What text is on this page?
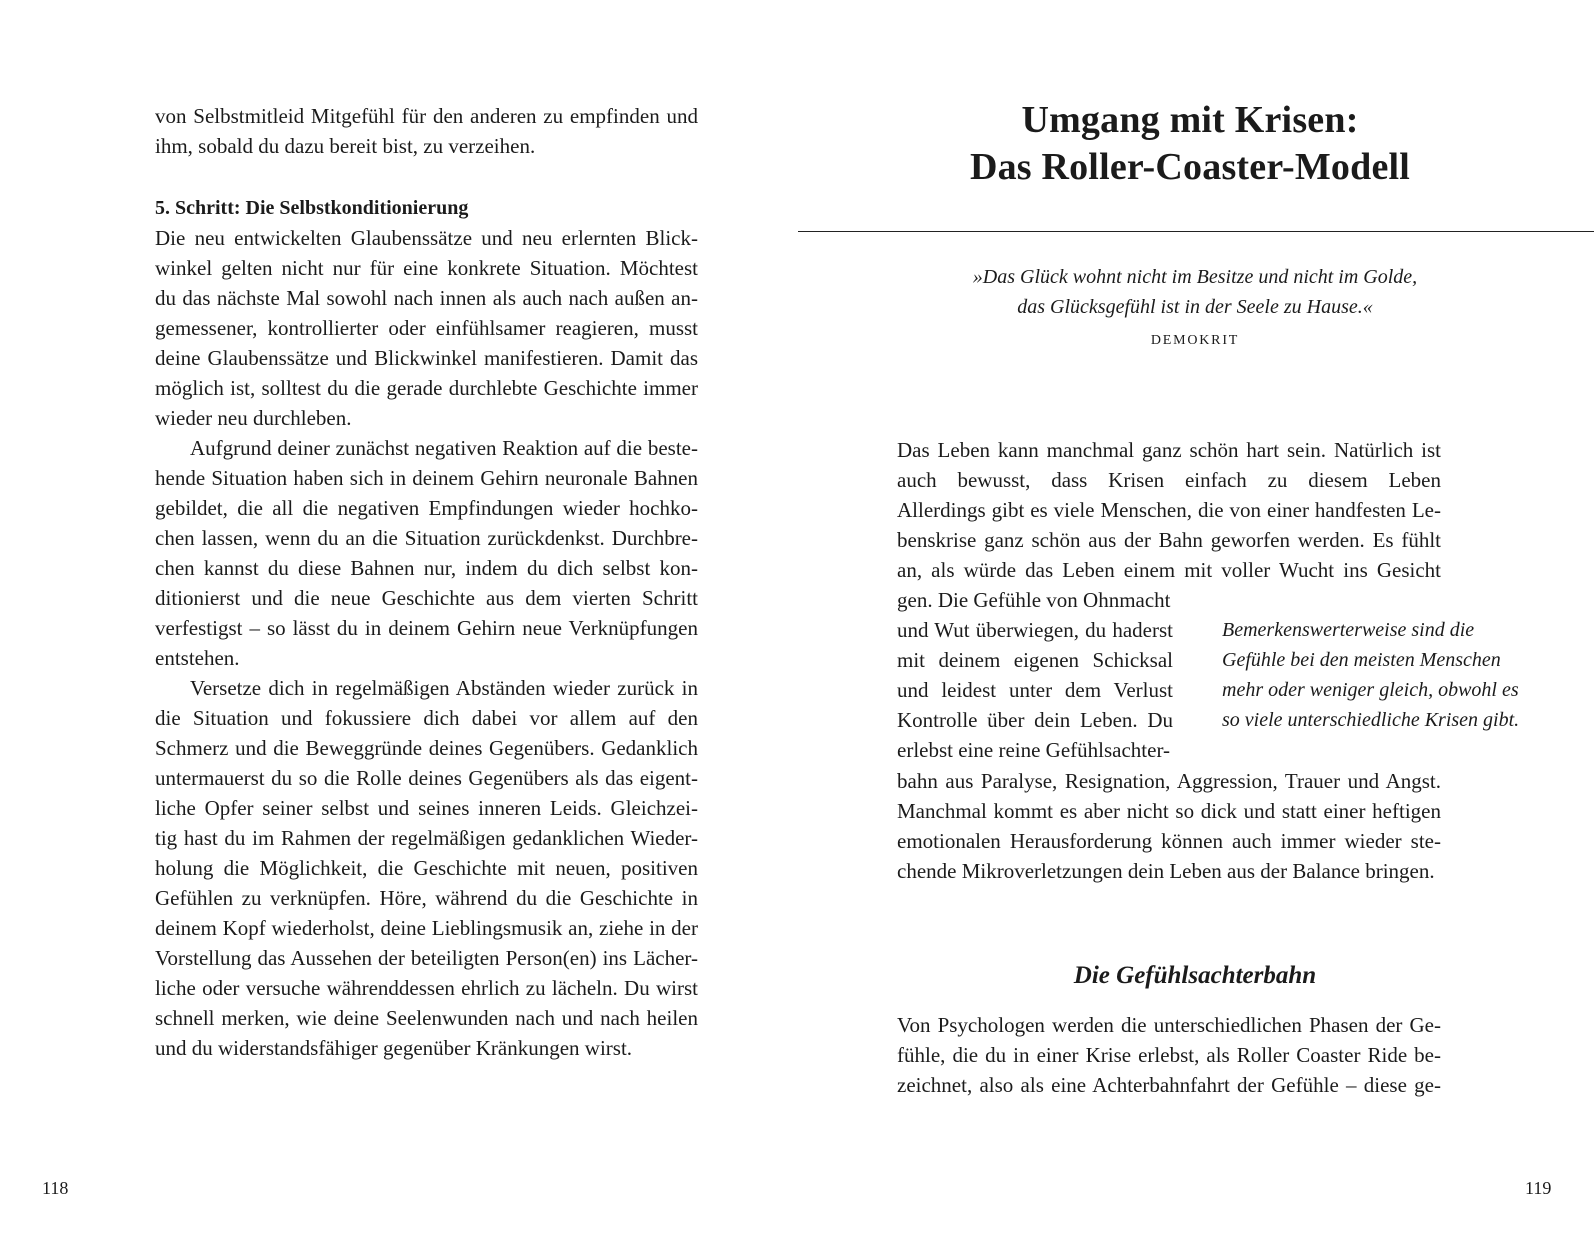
von Selbstmitleid Mitgefühl für den anderen zu empfinden und
ihm, sobald du dazu bereit bist, zu verzeihen.
5. Schritt: Die Selbstkonditionierung
Die neu entwickelten Glaubenssätze und neu erlernten Blick-
winkel gelten nicht nur für eine konkrete Situation. Möchtest
du das nächste Mal sowohl nach innen als auch nach außen an-
gemessener, kontrollierter oder einfühlsamer reagieren, musst
deine Glaubenssätze und Blickwinkel manifestieren. Damit das
möglich ist, solltest du die gerade durchlebte Geschichte immer
wieder neu durchleben.
Aufgrund deiner zunächst negativen Reaktion auf die beste-
hende Situation haben sich in deinem Gehirn neuronale Bahnen
gebildet, die all die negativen Empfindungen wieder hochko-
chen lassen, wenn du an die Situation zurückdenkst. Durchbre-
chen kannst du diese Bahnen nur, indem du dich selbst kon-
ditionierst und die neue Geschichte aus dem vierten Schritt
verfestigst – so lässt du in deinem Gehirn neue Verknüpfungen
entstehen.
Versetze dich in regelmäßigen Abständen wieder zurück in
die Situation und fokussiere dich dabei vor allem auf den
Schmerz und die Beweggründe deines Gegenübers. Gedanklich
untermauerst du so die Rolle deines Gegenübers als das eigent-
liche Opfer seiner selbst und seines inneren Leids. Gleichzei-
tig hast du im Rahmen der regelmäßigen gedanklichen Wieder-
holung die Möglichkeit, die Geschichte mit neuen, positiven
Gefühlen zu verknüpfen. Höre, während du die Geschichte in
deinem Kopf wiederholst, deine Lieblingsmusik an, ziehe in der
Vorstellung das Aussehen der beteiligten Person(en) ins Lächer-
liche oder versuche währenddessen ehrlich zu lächeln. Du wirst
schnell merken, wie deine Seelenwunden nach und nach heilen
und du widerstandsfähiger gegenüber Kränkungen wirst.
118
Umgang mit Krisen:
Das Roller-Coaster-Modell
»Das Glück wohnt nicht im Besitze und nicht im Golde,
das Glücksgefühl ist in der Seele zu Hause.«
DEMOKRIT
Das Leben kann manchmal ganz schön hart sein. Natürlich ist
auch bewusst, dass Krisen einfach zu diesem Leben
Allerdings gibt es viele Menschen, die von einer handfesten Le-
benskrise ganz schön aus der Bahn geworfen werden. Es fühlt
an, als würde das Leben einem mit voller Wucht ins Gesicht
gen. Die Gefühle von Ohnmacht
und Wut überwiegen, du haderst
mit deinem eigenen Schicksal
und leidest unter dem Verlust
Kontrolle über dein Leben. Du
erlebst eine reine Gefühlsachter-
Bemerkenswerterweise sind die
Gefühle bei den meisten Menschen
mehr oder weniger gleich, obwohl es
so viele unterschiedliche Krisen gibt.
bahn aus Paralyse, Resignation, Aggression, Trauer und Angst.
Manchmal kommt es aber nicht so dick und statt einer heftigen
emotionalen Herausforderung können auch immer wieder ste-
chende Mikroverletzungen dein Leben aus der Balance bringen.
Die Gefühlsachterbahn
Von Psychologen werden die unterschiedlichen Phasen der Ge-
fühle, die du in einer Krise erlebst, als Roller Coaster Ride be-
zeichnet, also als eine Achterbahnfahrt der Gefühle – diese ge-
119
